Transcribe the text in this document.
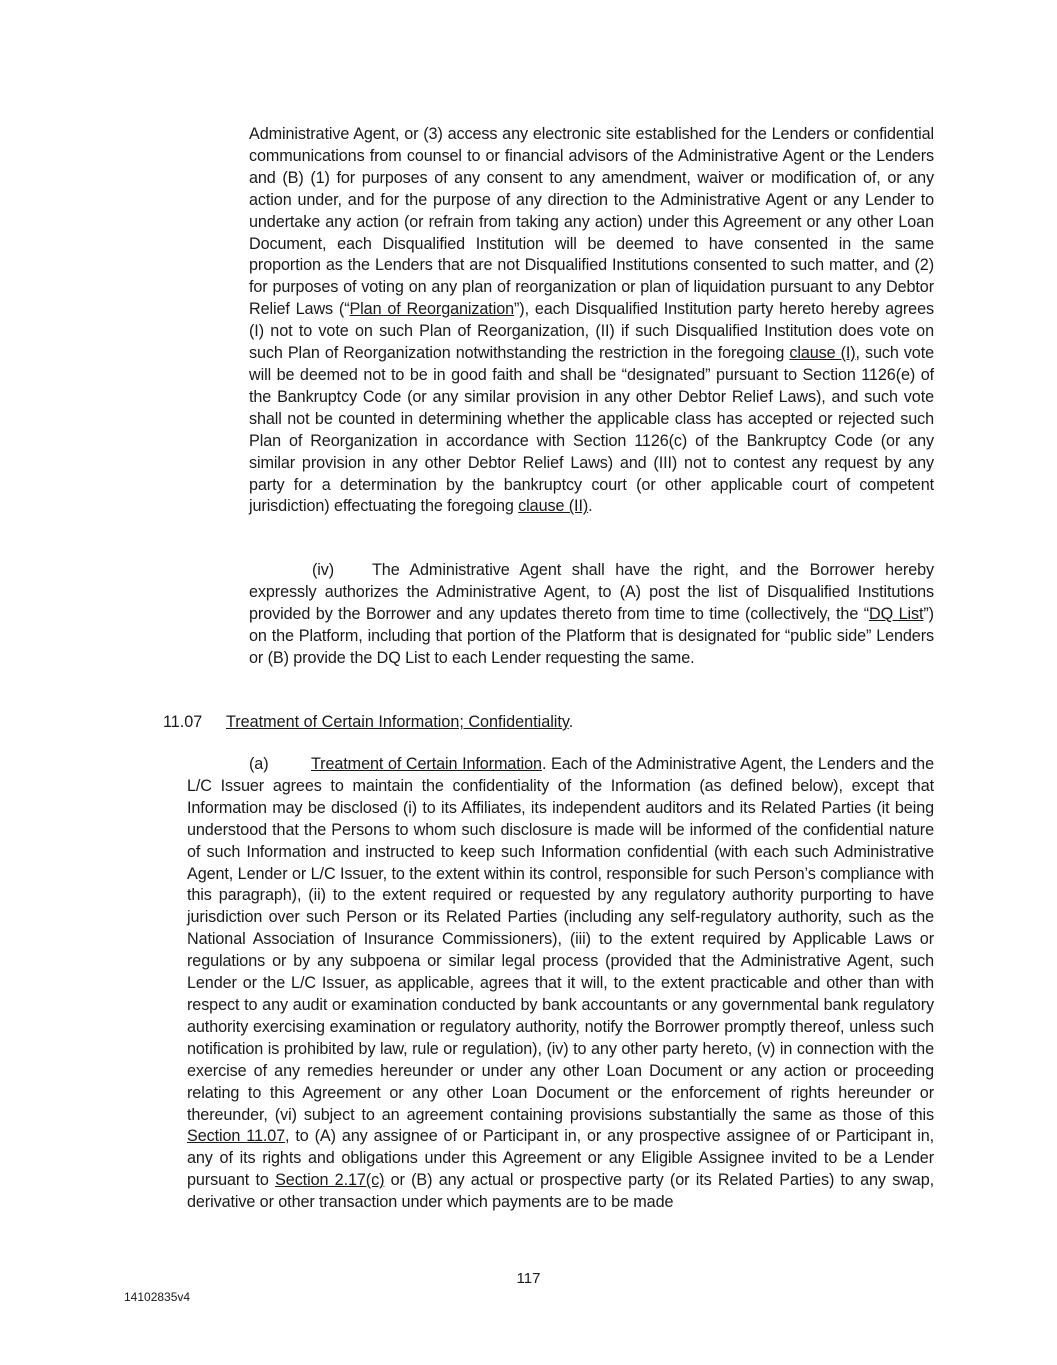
Administrative Agent, or (3) access any electronic site established for the Lenders or confidential communications from counsel to or financial advisors of the Administrative Agent or the Lenders and (B) (1) for purposes of any consent to any amendment, waiver or modification of, or any action under, and for the purpose of any direction to the Administrative Agent or any Lender to undertake any action (or refrain from taking any action) under this Agreement or any other Loan Document, each Disqualified Institution will be deemed to have consented in the same proportion as the Lenders that are not Disqualified Institutions consented to such matter, and (2) for purposes of voting on any plan of reorganization or plan of liquidation pursuant to any Debtor Relief Laws (“Plan of Reorganization”), each Disqualified Institution party hereto hereby agrees (I) not to vote on such Plan of Reorganization, (II) if such Disqualified Institution does vote on such Plan of Reorganization notwithstanding the restriction in the foregoing clause (I), such vote will be deemed not to be in good faith and shall be “designated” pursuant to Section 1126(e) of the Bankruptcy Code (or any similar provision in any other Debtor Relief Laws), and such vote shall not be counted in determining whether the applicable class has accepted or rejected such Plan of Reorganization in accordance with Section 1126(c) of the Bankruptcy Code (or any similar provision in any other Debtor Relief Laws) and (III) not to contest any request by any party for a determination by the bankruptcy court (or other applicable court of competent jurisdiction) effectuating the foregoing clause (II).

(iv) The Administrative Agent shall have the right, and the Borrower hereby expressly authorizes the Administrative Agent, to (A) post the list of Disqualified Institutions provided by the Borrower and any updates thereto from time to time (collectively, the “DQ List”) on the Platform, including that portion of the Platform that is designated for “public side” Lenders or (B) provide the DQ List to each Lender requesting the same.

11.07 Treatment of Certain Information; Confidentiality.

(a)	Treatment of Certain Information. Each of the Administrative Agent, the Lenders and the L/C Issuer agrees to maintain the confidentiality of the Information (as defined below), except that Information may be disclosed (i) to its Affiliates, its independent auditors and its Related Parties (it being understood that the Persons to whom such disclosure is made will be informed of the confidential nature of such Information and instructed to keep such Information confidential (with each such Administrative Agent, Lender or L/C Issuer, to the extent within its control, responsible for such Person’s compliance with this paragraph), (ii) to the extent required or requested by any regulatory authority purporting to have jurisdiction over such Person or its Related Parties (including any self-regulatory authority, such as the National Association of Insurance Commissioners), (iii) to the extent required by Applicable Laws or regulations or by any subpoena or similar legal process (provided that the Administrative Agent, such Lender or the L/C Issuer, as applicable, agrees that it will, to the extent practicable and other than with respect to any audit or examination conducted by bank accountants or any governmental bank regulatory authority exercising examination or regulatory authority, notify the Borrower promptly thereof, unless such notification is prohibited by law, rule or regulation), (iv) to any other party hereto, (v) in connection with the exercise of any remedies hereunder or under any other Loan Document or any action or proceeding relating to this Agreement or any other Loan Document or the enforcement of rights hereunder or thereunder, (vi) subject to an agreement containing provisions substantially the same as those of this Section 11.07, to (A) any assignee of or Participant in, or any prospective assignee of or Participant in, any of its rights and obligations under this Agreement or any Eligible Assignee invited to be a Lender pursuant to Section 2.17(c) or (B) any actual or prospective party (or its Related Parties) to any swap, derivative or other transaction under which payments are to be made

117
14102835v4
